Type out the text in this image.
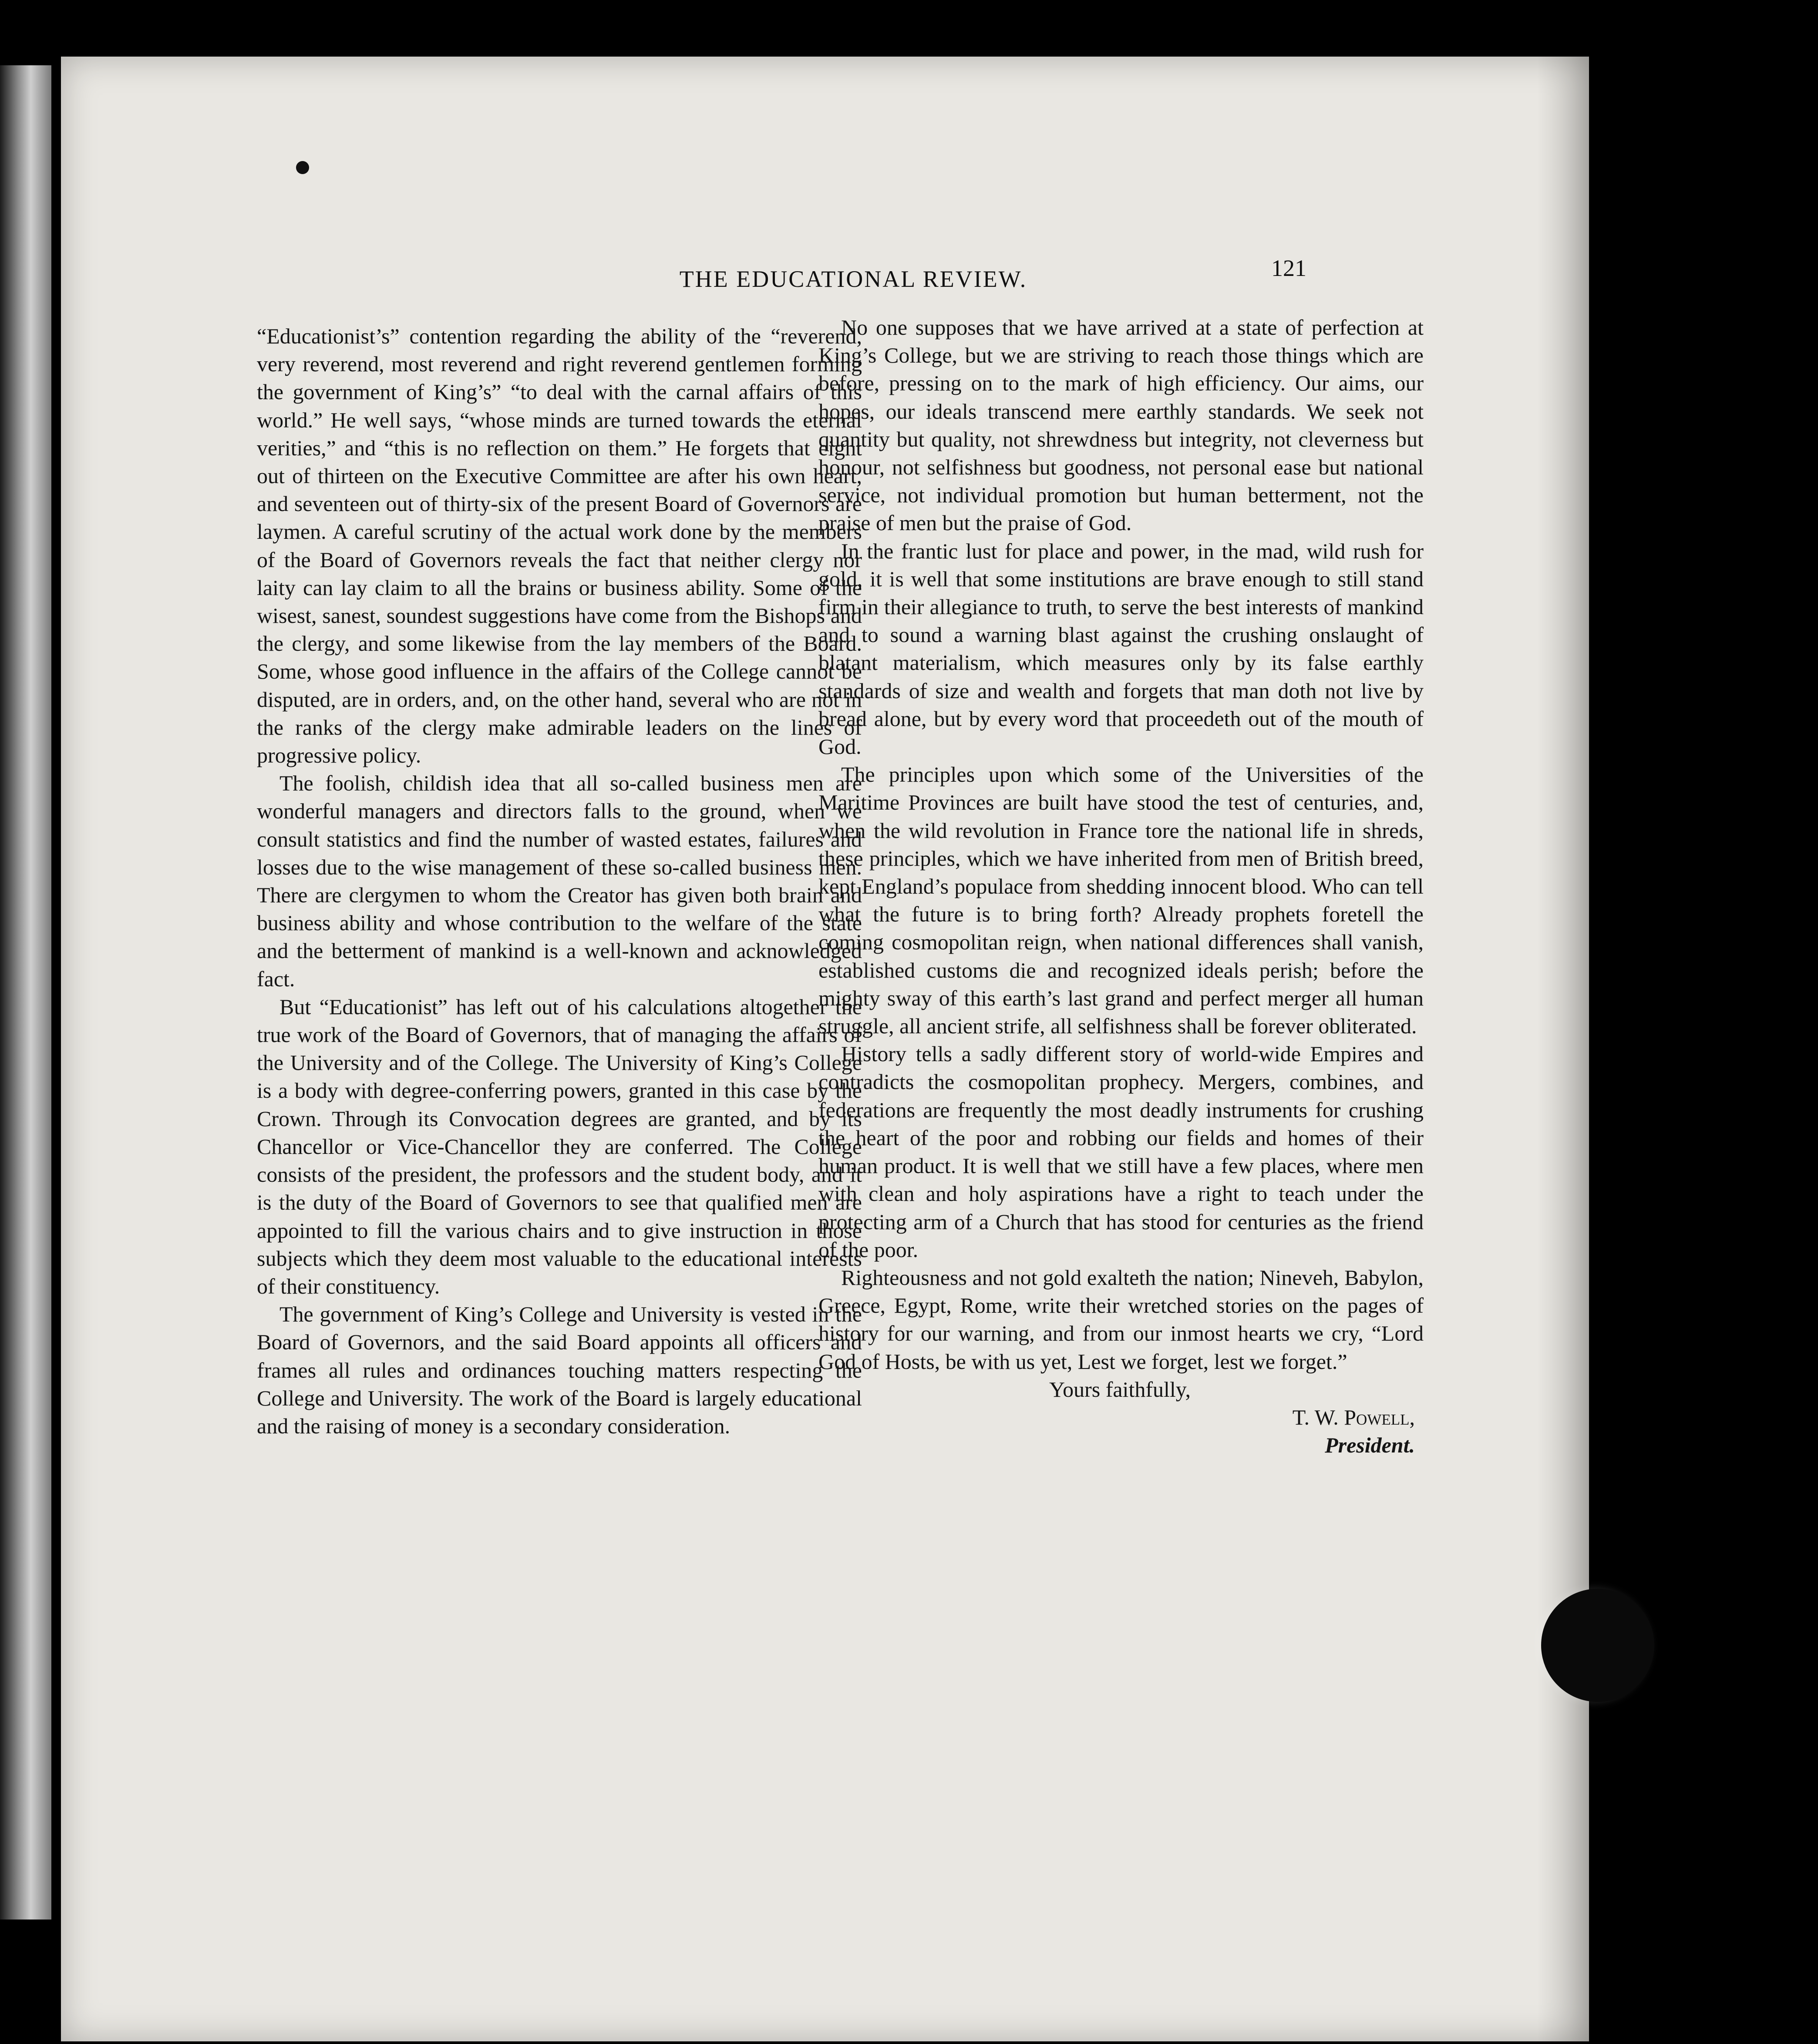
THE EDUCATIONAL REVIEW.	121

“Educationist’s” contention regarding the ability of the “reverend, very reverend, most reverend and right reverend gentlemen forming the government of King’s” “to deal with the carnal affairs of this world.” He well says, “whose minds are turned towards the eternal verities,” and “this is no reflection on them.” He forgets that eight out of thirteen on the Executive Committee are after his own heart, and seventeen out of thirty-six of the present Board of Governors are laymen. A careful scrutiny of the actual work done by the members of the Board of Governors reveals the fact that neither clergy nor laity can lay claim to all the brains or business ability. Some of the wisest, sanest, soundest suggestions have come from the Bishops and the clergy, and some likewise from the lay members of the Board. Some, whose good influence in the affairs of the College cannot be disputed, are in orders, and, on the other hand, several who are not in the ranks of the clergy make admirable leaders on the lines of progressive policy.

The foolish, childish idea that all so-called business men are wonderful managers and directors falls to the ground, when we consult statistics and find the number of wasted estates, failures and losses due to the wise management of these so-called business men. There are clergymen to whom the Creator has given both brain and business ability and whose contribution to the welfare of the state and the betterment of mankind is a well-known and acknowledged fact.

But “Educationist” has left out of his calculations altogether the true work of the Board of Governors, that of managing the affairs of the University and of the College. The University of King’s College is a body with degree-conferring powers, granted in this case by the Crown. Through its Convocation degrees are granted, and by its Chancellor or Vice-Chancellor they are conferred. The College consists of the president, the professors and the student body, and it is the duty of the Board of Governors to see that qualified men are appointed to fill the various chairs and to give instruction in those subjects which they deem most valuable to the educational interests of their constituency.

The government of King’s College and University is vested in the Board of Governors, and the said Board appoints all officers and frames all rules and ordinances touching matters respecting the College and University. The work of the Board is largely educational and the raising of money is a secondary consideration.

No one supposes that we have arrived at a state of perfection at King’s College, but we are striving to reach those things which are before, pressing on to the mark of high efficiency. Our aims, our hopes, our ideals transcend mere earthly standards. We seek not quantity but quality, not shrewdness but integrity, not cleverness but honour, not selfishness but goodness, not personal ease but national service, not individual promotion but human betterment, not the praise of men but the praise of God.

In the frantic lust for place and power, in the mad, wild rush for gold, it is well that some institutions are brave enough to still stand firm in their allegiance to truth, to serve the best interests of mankind and to sound a warning blast against the crushing onslaught of blatant materialism, which measures only by its false earthly standards of size and wealth and forgets that man doth not live by bread alone, but by every word that proceedeth out of the mouth of God.

The principles upon which some of the Universities of the Maritime Provinces are built have stood the test of centuries, and, when the wild revolution in France tore the national life in shreds, these principles, which we have inherited from men of British breed, kept England’s populace from shedding innocent blood. Who can tell what the future is to bring forth? Already prophets foretell the coming cosmopolitan reign, when national differences shall vanish, established customs die and recognized ideals perish; before the mighty sway of this earth’s last grand and perfect merger all human struggle, all ancient strife, all selfishness shall be forever obliterated.

History tells a sadly different story of world-wide Empires and contradicts the cosmopolitan prophecy. Mergers, combines, and federations are frequently the most deadly instruments for crushing the heart of the poor and robbing our fields and homes of their human product. It is well that we still have a few places, where men with clean and holy aspirations have a right to teach under the protecting arm of a Church that has stood for centuries as the friend of the poor.

Righteousness and not gold exalteth the nation; Nineveh, Babylon, Greece, Egypt, Rome, write their wretched stories on the pages of history for our warning, and from our inmost hearts we cry, “Lord God of Hosts, be with us yet, Lest we forget, lest we forget.”

Yours faithfully,

T. W. Powell,

President.
